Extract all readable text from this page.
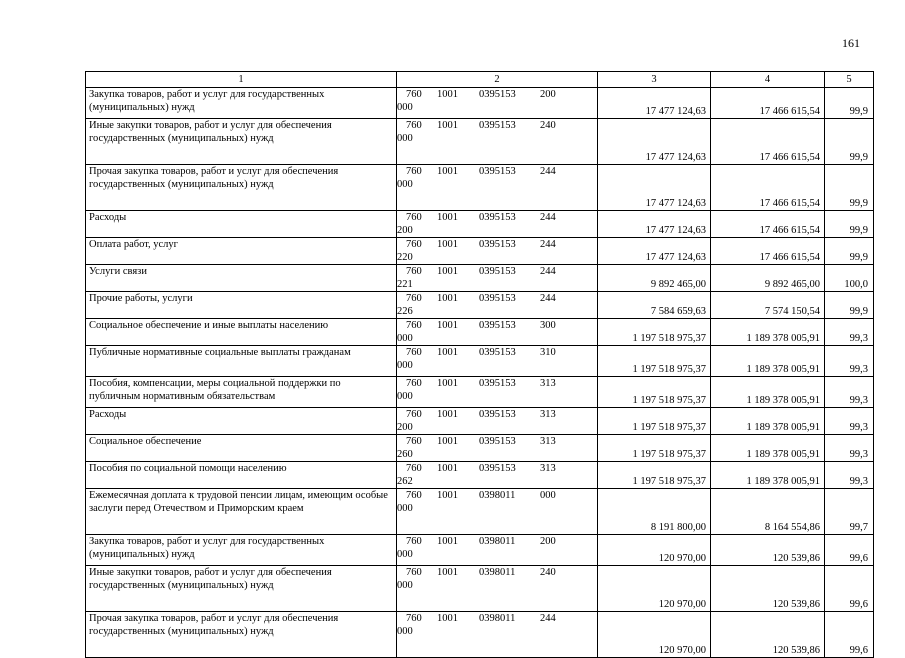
161
1	2	3	4	5
Закупка товаров, работ и услуг для государственных (муниципальных) нужд	760 1001 0395153 200000	17 477 124,63	17 466 615,54	99,9
Иные закупки товаров, работ и услуг для обеспечения государственных (муниципальных) нужд	760 1001 0395153 240000	17 477 124,63	17 466 615,54	99,9
Прочая закупка товаров, работ и услуг для обеспечения государственных (муниципальных) нужд	760 1001 0395153 244000	17 477 124,63	17 466 615,54	99,9
Расходы	760 1001 0395153 244200	17 477 124,63	17 466 615,54	99,9
Оплата работ, услуг	760 1001 0395153 244220	17 477 124,63	17 466 615,54	99,9
Услуги связи	760 1001 0395153 244221	9 892 465,00	9 892 465,00	100,0
Прочие работы, услуги	760 1001 0395153 244226	7 584 659,63	7 574 150,54	99,9
Социальное обеспечение и иные выплаты населению	760 1001 0395153 300000	1 197 518 975,37	1 189 378 005,91	99,3
Публичные нормативные социальные выплаты гражданам	760 1001 0395153 310000	1 197 518 975,37	1 189 378 005,91	99,3
Пособия, компенсации, меры социальной поддержки по публичным нормативным обязательствам	760 1001 0395153 313000	1 197 518 975,37	1 189 378 005,91	99,3
Расходы	760 1001 0395153 313200	1 197 518 975,37	1 189 378 005,91	99,3
Социальное обеспечение	760 1001 0395153 313260	1 197 518 975,37	1 189 378 005,91	99,3
Пособия по социальной помощи населению	760 1001 0395153 313262	1 197 518 975,37	1 189 378 005,91	99,3
Ежемесячная доплата к трудовой пенсии лицам, имеющим особые заслуги перед Отечеством и Приморским краем	760 1001 0398011 000000	8 191 800,00	8 164 554,86	99,7
Закупка товаров, работ и услуг для государственных (муниципальных) нужд	760 1001 0398011 200000	120 970,00	120 539,86	99,6
Иные закупки товаров, работ и услуг для обеспечения государственных (муниципальных) нужд	760 1001 0398011 240000	120 970,00	120 539,86	99,6
Прочая закупка товаров, работ и услуг для обеспечения государственных (муниципальных) нужд	760 1001 0398011 244000	120 970,00	120 539,86	99,6
